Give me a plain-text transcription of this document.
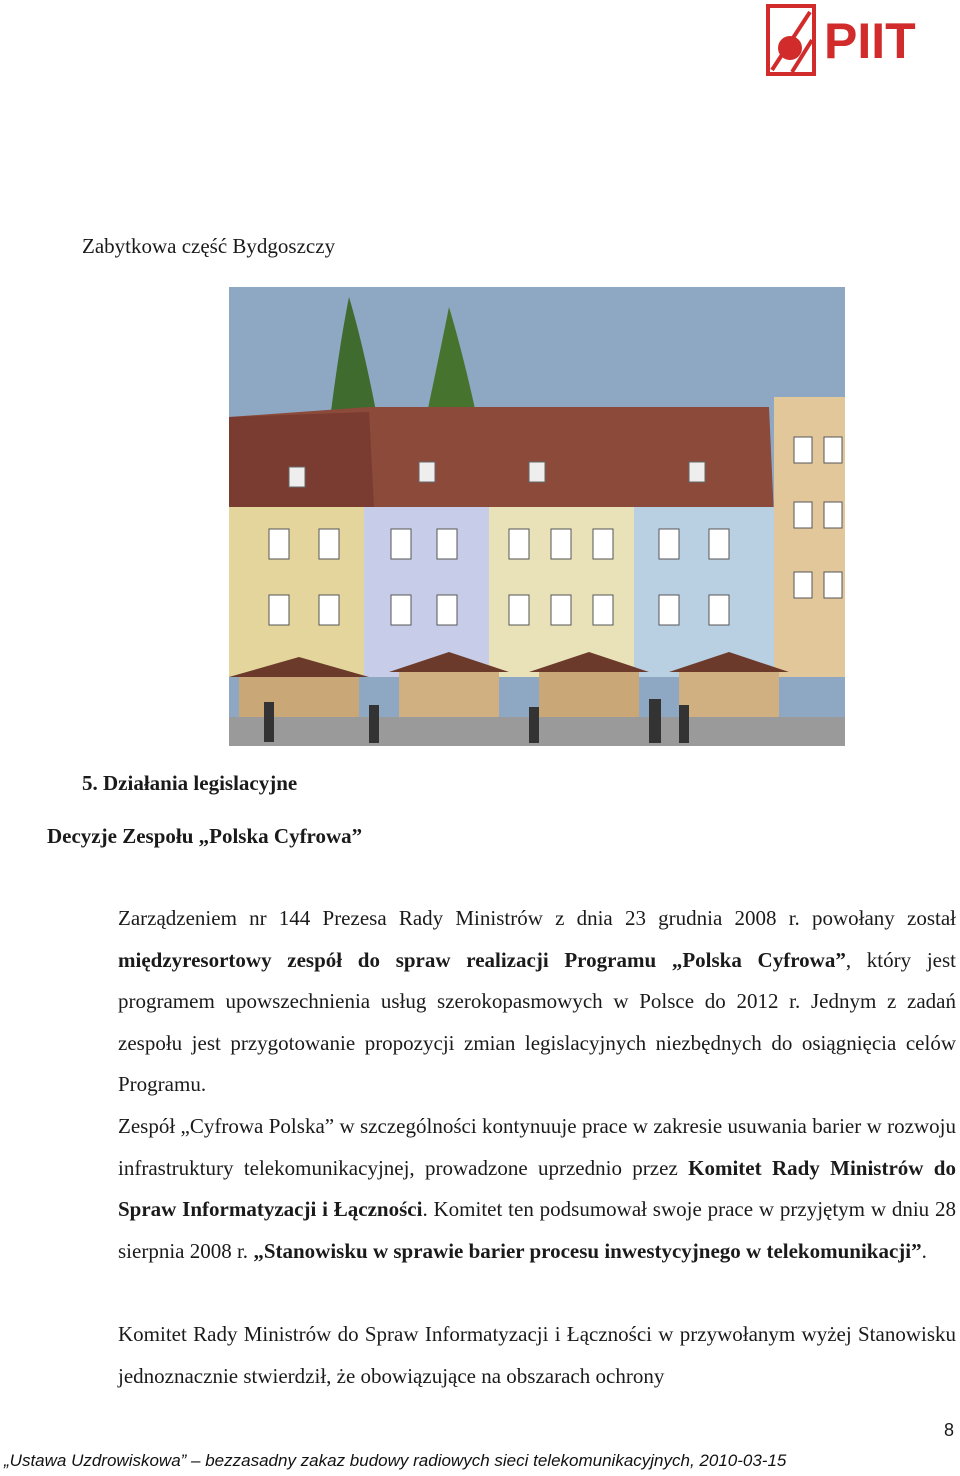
PIIT
Zabytkowa część Bydgoszczy
5. Działania legislacyjne
Decyzje Zespołu „Polska Cyfrowa”

Zarządzeniem nr 144 Prezesa Rady Ministrów z dnia 23 grudnia 2008 r. powołany został międzyresortowy zespół do spraw realizacji Programu „Polska Cyfrowa”, który jest programem upowszechnienia usług szerokopasmowych w Polsce do 2012 r. Jednym z zadań zespołu jest przygotowanie propozycji zmian legislacyjnych niezbędnych do osiągnięcia celów Programu.

Zespół „Cyfrowa Polska” w szczególności kontynuuje prace w zakresie usuwania barier w rozwoju infrastruktury telekomunikacyjnej, prowadzone uprzednio przez Komitet Rady Ministrów do Spraw Informatyzacji i Łączności. Komitet ten podsumował swoje prace w przyjętym w dniu 28 sierpnia 2008 r. „Stanowisku w sprawie barier procesu inwestycyjnego w telekomunikacji”.

Komitet Rady Ministrów do Spraw Informatyzacji i Łączności w przywołanym wyżej Stanowisku jednoznacznie stwierdził, że obowiązujące na obszarach ochrony

8
„Ustawa Uzdrowiskowa” – bezzasadny zakaz budowy radiowych sieci telekomunikacyjnych, 2010-03-15
